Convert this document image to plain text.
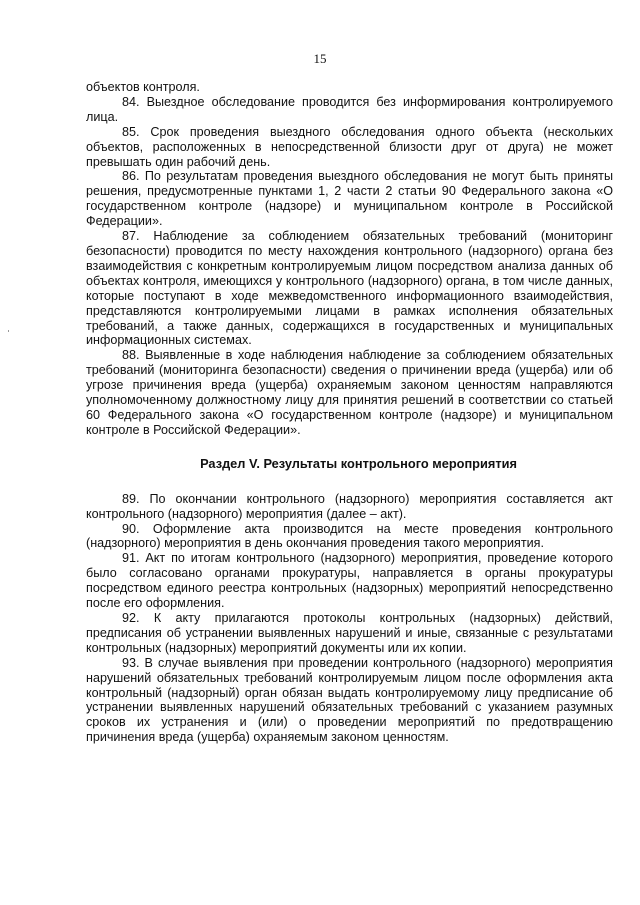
15

объектов контроля.

84. Выездное обследование проводится без информирования контролируемого лица.

85. Срок проведения выездного обследования одного объекта (нескольких объектов, расположенных в непосредственной близости друг от друга) не может превышать один рабочий день.

86. По результатам проведения выездного обследования не могут быть приняты решения, предусмотренные пунктами 1, 2 части 2 статьи 90 Федерального закона «О государственном контроле (надзоре) и муниципальном контроле в Российской Федерации».

87. Наблюдение за соблюдением обязательных требований (мониторинг безопасности) проводится по месту нахождения контрольного (надзорного) органа без взаимодействия с конкретным контролируемым лицом посредством анализа данных об объектах контроля, имеющихся у контрольного (надзорного) органа, в том числе данных, которые поступают в ходе межведомственного информационного взаимодействия, представляются контролируемыми лицами в рамках исполнения обязательных требований, а также данных, содержащихся в государственных и муниципальных информационных системах.

88. Выявленные в ходе наблюдения наблюдение за соблюдением обязательных требований (мониторинга безопасности) сведения о причинении вреда (ущерба) или об угрозе причинения вреда (ущерба) охраняемым законом ценностям направляются уполномоченному должностному лицу для принятия решений в соответствии со статьей 60 Федерального закона «О государственном контроле (надзоре) и муниципальном контроле в Российской Федерации».

Раздел V. Результаты контрольного мероприятия

89. По окончании контрольного (надзорного) мероприятия составляется акт контрольного (надзорного) мероприятия (далее – акт).

90. Оформление акта производится на месте проведения контрольного (надзорного) мероприятия в день окончания проведения такого мероприятия.

91. Акт по итогам контрольного (надзорного) мероприятия, проведение которого было согласовано органами прокуратуры, направляется в органы прокуратуры посредством единого реестра контрольных (надзорных) мероприятий непосредственно после его оформления.

92. К акту прилагаются протоколы контрольных (надзорных) действий, предписания об устранении выявленных нарушений и иные, связанные с результатами контрольных (надзорных) мероприятий документы или их копии.

93. В случае выявления при проведении контрольного (надзорного) мероприятия нарушений обязательных требований контролируемым лицом после оформления акта контрольный (надзорный) орган обязан выдать контролируемому лицу предписание об устранении выявленных нарушений обязательных требований с указанием разумных сроков их устранения и (или) о проведении мероприятий по предотвращению причинения вреда (ущерба) охраняемым законом ценностям.
